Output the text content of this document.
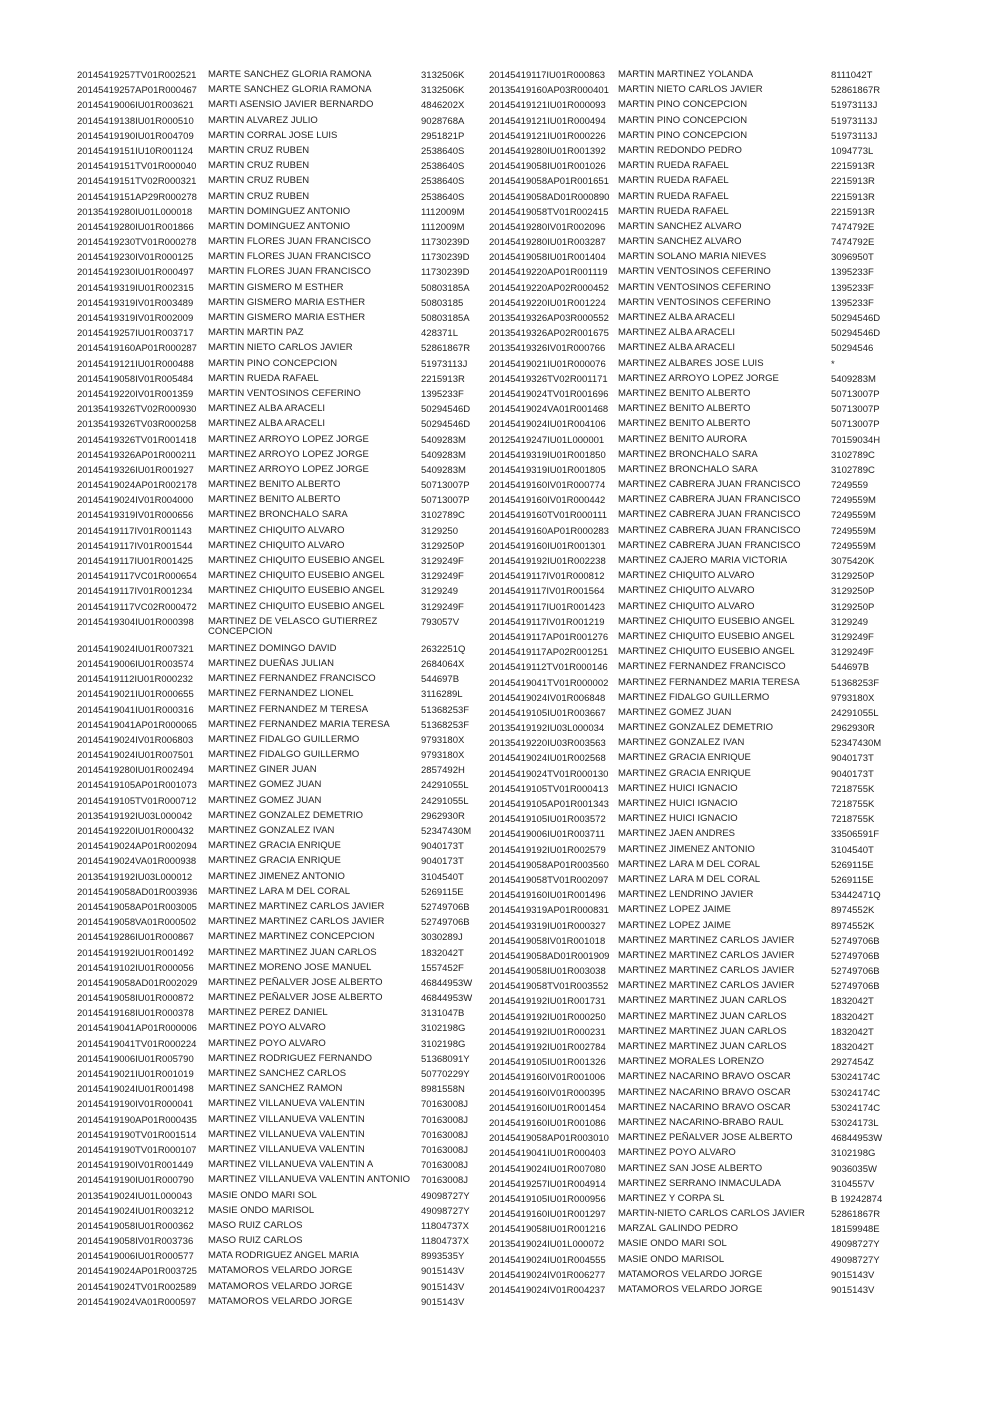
20145419257TV01R002521 MARTE SANCHEZ GLORIA RAMONA	3132506K
20145419257AP01R000467 MARTE SANCHEZ GLORIA RAMONA	3132506K
20145419006IU01R003621 MARTI ASENSIO JAVIER BERNARDO	4846202X
20145419138IU01R000510 MARTIN ALVAREZ JULIO	9028768A
20145419190IU01R004709 MARTIN CORRAL JOSE LUIS	2951821P
20145419151IU10R001124 MARTIN CRUZ RUBEN	2538640S
20145419151TV01R000040 MARTIN CRUZ RUBEN	2538640S
20145419151TV02R000321 MARTIN CRUZ RUBEN	2538640S
20145419151AP29R000278 MARTIN CRUZ RUBEN	2538640S
20135419280IU01L000018 MARTIN DOMINGUEZ ANTONIO	1112009M
20145419280IU01R001866 MARTIN DOMINGUEZ ANTONIO	1112009M
20145419230TV01R000278 MARTIN FLORES JUAN FRANCISCO	11730239D
20145419230IV01R000125 MARTIN FLORES JUAN FRANCISCO	11730239D
20145419230IU01R000497 MARTIN FLORES JUAN FRANCISCO	11730239D
20145419319IU01R002315 MARTIN GISMERO M ESTHER	50803185A
20145419319IV01R003489 MARTIN GISMERO MARIA ESTHER	50803185
20145419319IV01R002009 MARTIN GISMERO MARIA ESTHER	50803185A
20145419257IU01R003717 MARTIN MARTIN PAZ	428371L
20145419160AP01R000287 MARTIN NIETO CARLOS JAVIER	52861867R
20145419121IU01R000488 MARTIN PINO CONCEPCION	51973113J
20145419058IV01R005484 MARTIN RUEDA RAFAEL	2215913R
20145419220IV01R001359 MARTIN VENTOSINOS CEFERINO	1395233F
20135419326TV02R000930 MARTINEZ ALBA ARACELI	50294546D
20135419326TV03R000258 MARTINEZ ALBA ARACELI	50294546D
20145419326TV01R001418 MARTINEZ ARROYO LOPEZ JORGE	5409283M
20145419326AP01R000211 MARTINEZ ARROYO LOPEZ JORGE	5409283M
20145419326IU01R001927 MARTINEZ ARROYO LOPEZ JORGE	5409283M
20145419024AP01R002178 MARTINEZ BENITO ALBERTO	50713007P
20145419024IV01R004000 MARTINEZ BENITO ALBERTO	50713007P
20145419319IV01R000656 MARTINEZ BRONCHALO SARA	3102789C
20145419117IV01R001143 MARTINEZ CHIQUITO ALVARO	3129250
20145419117IV01R001544 MARTINEZ CHIQUITO ALVARO	3129250P
20145419117IU01R001425 MARTINEZ CHIQUITO EUSEBIO ANGEL	3129249F
20145419117VC01R000654 MARTINEZ CHIQUITO EUSEBIO ANGEL	3129249F
20145419117IV01R001234 MARTINEZ CHIQUITO EUSEBIO ANGEL	3129249
20145419117VC02R000472 MARTINEZ CHIQUITO EUSEBIO ANGEL	3129249F
20145419304IU01R000398 MARTINEZ DE VELASCO GUTIERREZ CONCEPCION
793057V
20145419024IU01R007321 MARTINEZ DOMINGO DAVID	2632251Q
20145419006IU01R003574 MARTINEZ DUEÑAS JULIAN	2684064X
20145419112IU01R000232 MARTINEZ FERNANDEZ FRANCISCO	544697B
20145419021IU01R000655 MARTINEZ FERNANDEZ LIONEL	3116289L
20145419041IU01R000316 MARTINEZ FERNANDEZ M TERESA	51368253F
20145419041AP01R000065 MARTINEZ FERNANDEZ MARIA TERESA	51368253F
20145419024IV01R006803 MARTINEZ FIDALGO GUILLERMO	9793180X
20145419024IU01R007501 MARTINEZ FIDALGO GUILLERMO	9793180X
20145419280IU01R002494 MARTINEZ GINER JUAN	2857492H
20145419105AP01R001073 MARTINEZ GOMEZ JUAN	24291055L
20145419105TV01R000712 MARTINEZ GOMEZ JUAN	24291055L
20135419192IU03L000042 MARTINEZ GONZALEZ DEMETRIO	2962930R
20145419220IU01R000432 MARTINEZ GONZALEZ IVAN	52347430M
20145419024AP01R002094 MARTINEZ GRACIA ENRIQUE	9040173T
20145419024VA01R000938 MARTINEZ GRACIA ENRIQUE	9040173T
20135419192IU03L000012 MARTINEZ JIMENEZ ANTONIO	3104540T
20145419058AD01R003936 MARTINEZ LARA M DEL CORAL	5269115E
20145419058AP01R003005 MARTINEZ MARTINEZ CARLOS JAVIER	52749706B
20145419058VA01R000502 MARTINEZ MARTINEZ CARLOS JAVIER	52749706B
20145419286IU01R000867 MARTINEZ MARTINEZ CONCEPCION	3030289J
20145419192IU01R001492 MARTINEZ MARTINEZ JUAN CARLOS	1832042T
20145419102IU01R000056 MARTINEZ MORENO JOSE MANUEL	1557452F
20145419058AD01R002029 MARTINEZ PEÑALVER JOSE ALBERTO	46844953W
20145419058IU01R000872 MARTINEZ PEÑALVER JOSE ALBERTO	46844953W
20145419168IU01R000378 MARTINEZ PEREZ DANIEL	3131047B
20145419041AP01R000006 MARTINEZ POYO ALVARO	3102198G
20145419041TV01R000224 MARTINEZ POYO ALVARO	3102198G
20145419006IU01R005790 MARTINEZ RODRIGUEZ FERNANDO	51368091Y
20145419021IU01R001019 MARTINEZ SANCHEZ CARLOS	50770229Y
20145419024IU01R001498 MARTINEZ SANCHEZ RAMON	8981558N
20145419190IV01R000041 MARTINEZ VILLANUEVA VALENTIN	70163008J
20145419190AP01R000435 MARTINEZ VILLANUEVA VALENTIN	70163008J
20145419190TV01R001514 MARTINEZ VILLANUEVA VALENTIN	70163008J
20145419190TV01R000107 MARTINEZ VILLANUEVA VALENTIN	70163008J
20145419190IV01R001449 MARTINEZ VILLANUEVA VALENTIN A	70163008J
20145419190IU01R000790 MARTINEZ VILLANUEVA VALENTIN ANTONIO	70163008J
20135419024IU01L000043 MASIE ONDO MARI SOL	49098727Y
20145419024IU01R003212 MASIE ONDO MARISOL	49098727Y
20145419058IU01R000362 MASO RUIZ CARLOS	11804737X
20145419058IV01R003736 MASO RUIZ CARLOS	11804737X
20145419006IU01R000577 MATA RODRIGUEZ ANGEL MARIA	8993535Y
20145419024AP01R003725 MATAMOROS VELARDO JORGE	9015143V
20145419024TV01R002589 MATAMOROS VELARDO JORGE	9015143V
20145419024VA01R000597 MATAMOROS VELARDO JORGE	9015143V
20145419117IU01R000863 MARTIN MARTINEZ YOLANDA	8111042T
20135419160AP03R000401 MARTIN NIETO CARLOS JAVIER	52861867R
20145419121IU01R000093 MARTIN PINO CONCEPCION	51973113J
20145419121IU01R000494 MARTIN PINO CONCEPCION	51973113J
20145419121IU01R000226 MARTIN PINO CONCEPCION	51973113J
20145419280IU01R001392 MARTIN REDONDO PEDRO	1094773L
20145419058IU01R001026 MARTIN RUEDA RAFAEL	2215913R
20145419058AP01R001651 MARTIN RUEDA RAFAEL	2215913R
20145419058AD01R000890 MARTIN RUEDA RAFAEL	2215913R
20145419058TV01R002415 MARTIN RUEDA RAFAEL	2215913R
20145419280IV01R002096 MARTIN SANCHEZ ALVARO	7474792E
20145419280IU01R003287 MARTIN SANCHEZ ALVARO	7474792E
20145419058IU01R001404 MARTIN SOLANO MARIA NIEVES	3096950T
20145419220AP01R001119 MARTIN VENTOSINOS CEFERINO	1395233F
20145419220AP02R000452 MARTIN VENTOSINOS CEFERINO	1395233F
20145419220IU01R001224 MARTIN VENTOSINOS CEFERINO	1395233F
20135419326AP03R000552 MARTINEZ ALBA ARACELI	50294546D
20135419326AP02R001675 MARTINEZ ALBA ARACELI	50294546D
20135419326IV01R000766 MARTINEZ ALBA ARACELI	50294546
20145419021IU01R000076 MARTINEZ ALBARES JOSE LUIS	*
20145419326TV02R001171 MARTINEZ ARROYO LOPEZ JORGE	5409283M
20145419024TV01R001696 MARTINEZ BENITO ALBERTO	50713007P
20145419024VA01R001468 MARTINEZ BENITO ALBERTO	50713007P
20145419024IU01R004106 MARTINEZ BENITO ALBERTO	50713007P
20125419247IU01L000001 MARTINEZ BENITO AURORA	70159034H
20145419319IU01R001850 MARTINEZ BRONCHALO SARA	3102789C
20145419319IU01R001805 MARTINEZ BRONCHALO SARA	3102789C
20145419160IV01R000774 MARTINEZ CABRERA JUAN FRANCISCO	7249559
20145419160IV01R000442 MARTINEZ CABRERA JUAN FRANCISCO	7249559M
20145419160TV01R000111 MARTINEZ CABRERA JUAN FRANCISCO	7249559M
20145419160AP01R000283 MARTINEZ CABRERA JUAN FRANCISCO	7249559M
20145419160IU01R001301 MARTINEZ CABRERA JUAN FRANCISCO	7249559M
20145419192IU01R002238 MARTINEZ CAJERO MARIA VICTORIA	3075420K
20145419117IV01R000812 MARTINEZ CHIQUITO ALVARO	3129250P
20145419117IV01R001564 MARTINEZ CHIQUITO ALVARO	3129250P
20145419117IU01R001423 MARTINEZ CHIQUITO ALVARO	3129250P
20145419117IV01R001219 MARTINEZ CHIQUITO EUSEBIO ANGEL	3129249
20145419117AP01R001276 MARTINEZ CHIQUITO EUSEBIO ANGEL	3129249F
20145419117AP02R001251 MARTINEZ CHIQUITO EUSEBIO ANGEL	3129249F
20145419112TV01R000146 MARTINEZ FERNANDEZ FRANCISCO	544697B
20145419041TV01R000002 MARTINEZ FERNANDEZ MARIA TERESA	51368253F
20145419024IV01R006848 MARTINEZ FIDALGO GUILLERMO	9793180X
20145419105IU01R003667 MARTINEZ GOMEZ JUAN	24291055L
20135419192IU03L000034 MARTINEZ GONZALEZ DEMETRIO	2962930R
20135419220IU03R003563 MARTINEZ GONZALEZ IVAN	52347430M
20145419024IU01R002568 MARTINEZ GRACIA ENRIQUE	9040173T
20145419024TV01R000130 MARTINEZ GRACIA ENRIQUE	9040173T
20145419105TV01R000413 MARTINEZ HUICI IGNACIO	7218755K
20145419105AP01R001343 MARTINEZ HUICI IGNACIO	7218755K
20145419105IU01R003572 MARTINEZ HUICI IGNACIO	7218755K
20145419006IU01R003711 MARTINEZ JAEN ANDRES	33506591F
20145419192IU01R002579 MARTINEZ JIMENEZ ANTONIO	3104540T
20145419058AP01R003560 MARTINEZ LARA M DEL CORAL	5269115E
20145419058TV01R002097 MARTINEZ LARA M DEL CORAL	5269115E
20145419160IU01R001496 MARTINEZ LENDRINO JAVIER	53442471Q
20145419319AP01R000831 MARTINEZ LOPEZ JAIME	8974552K
20145419319IU01R000327 MARTINEZ LOPEZ JAIME	8974552K
20145419058IV01R001018 MARTINEZ MARTINEZ CARLOS JAVIER	52749706B
20145419058AD01R001909 MARTINEZ MARTINEZ CARLOS JAVIER	52749706B
20145419058IU01R003038 MARTINEZ MARTINEZ CARLOS JAVIER	52749706B
20145419058TV01R003552 MARTINEZ MARTINEZ CARLOS JAVIER	52749706B
20145419192IU01R001731 MARTINEZ MARTINEZ JUAN CARLOS	1832042T
20145419192IU01R000250 MARTINEZ MARTINEZ JUAN CARLOS	1832042T
20145419192IU01R000231 MARTINEZ MARTINEZ JUAN CARLOS	1832042T
20145419192IU01R002784 MARTINEZ MARTINEZ JUAN CARLOS	1832042T
20145419105IU01R001326 MARTINEZ MORALES LORENZO	2927454Z
20145419160IV01R001006 MARTINEZ NACARINO BRAVO OSCAR	53024174C
20145419160IV01R000395 MARTINEZ NACARINO BRAVO OSCAR	53024174C
20145419160IU01R001454 MARTINEZ NACARINO BRAVO OSCAR	53024174C
20145419160IU01R001086 MARTINEZ NACARINO-BRABO RAUL	53024173L
20145419058AP01R003010 MARTINEZ PEÑALVER JOSE ALBERTO	46844953W
20145419041IU01R000403 MARTINEZ POYO ALVARO	3102198G
20145419024IU01R007080 MARTINEZ SAN JOSE ALBERTO	9036035W
20145419257IU01R004914 MARTINEZ SERRANO INMACULADA	3104557V
20145419105IU01R000956 MARTINEZ Y CORPA SL	B 19242874
20145419160IU01R001297 MARTIN-NIETO CARLOS CARLOS JAVIER	52861867R
20145419058IU01R001216 MARZAL GALINDO PEDRO	18159948E
20135419024IU01L000072 MASIE ONDO MARI SOL	49098727Y
20145419024IU01R004555 MASIE ONDO MARISOL	49098727Y
20145419024IV01R006277 MATAMOROS VELARDO JORGE	9015143V
20145419024IV01R004237 MATAMOROS VELARDO JORGE	9015143V
